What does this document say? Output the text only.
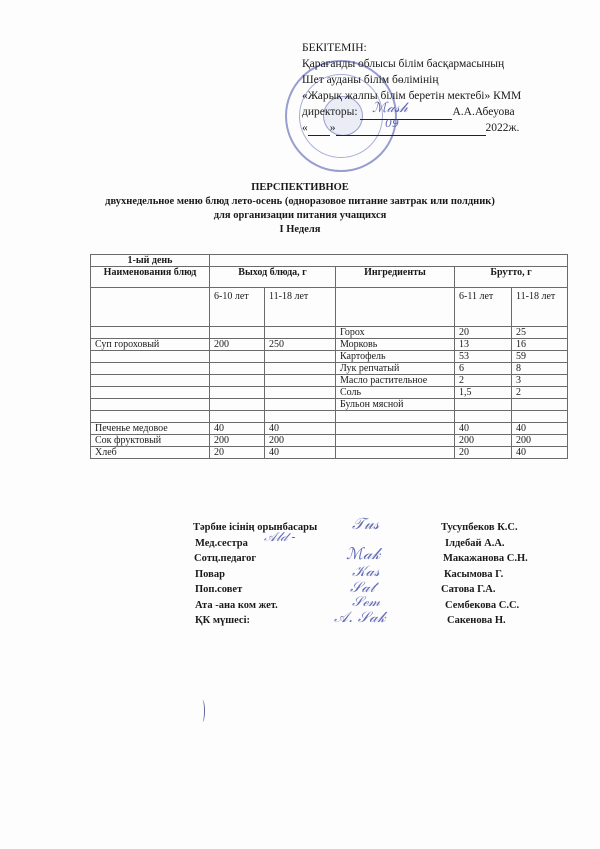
БЕКІТЕМІН:
Қарағанды облысы білім басқармасының
Шет ауданы білім бөлімінің
«Жарық жалпы білім беретін мектебі» КММ
директоры:	А.А.Абеуова
« »	2022ж.
ℳ𝒶𝓈𝒽
09
ПЕРСПЕКТИВНОЕ
двухнедельное меню блюд лето-осень (одноразовое питание завтрак или полдник)
для организации питания учащихся
I Неделя
1-ый день					
Наименования блюд	Выход блюда, г		Ингредиенты	Брутто, г	
	6-10 лет	11-18 лет		6-11 лет	11-18 лет
			Горох	20	25
Суп гороховый	200	250	Морковь	13	16
			Картофель	53	59
			Лук репчатый	6	8
			Масло растительное	2	3
			Соль	1,5	2
			Бульон мясной		

Печенье медовое	40	40		40	40
Сок фруктовый	200	200		200	200
Хлеб	20	40		20	40
Тәрбие ісінің орынбасары	Тусупбеков К.С.
Мед.сестра	Ілдебай А.А.
Сотц.педагог	Макажанова С.Н.
Повар	Касымова Г.
Поп.совет	Сатова Г.А.
Ата -ана ком жет.	Сембекова С.С.
ҚК мүшесі:	Сакенова Н.
𝒯𝓊𝓈
𝒜𝓁𝒹 -
ℳ𝒶𝓀
𝒦𝒶𝓈
𝒮𝒶𝓉
𝒮ℯ𝓂
𝒜. 𝒮𝒶𝓀
